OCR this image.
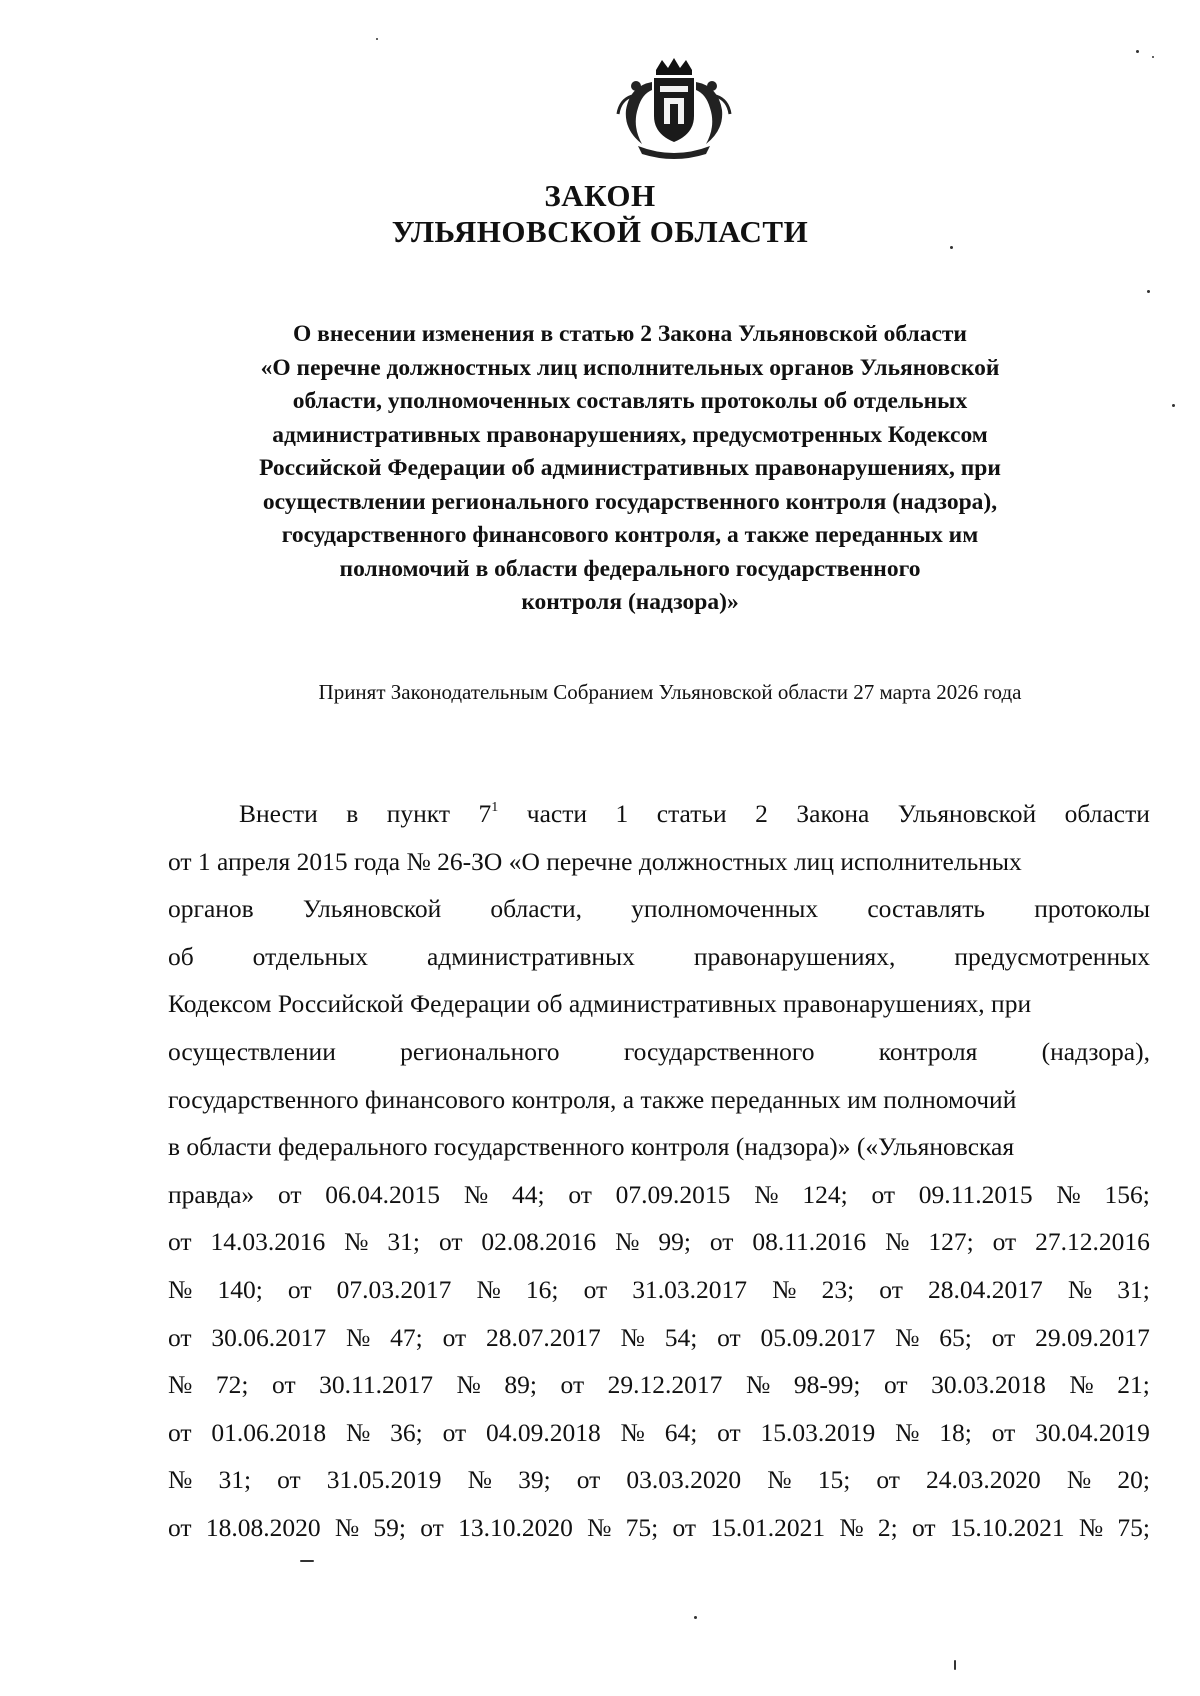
ЗАКОН
УЛЬЯНОВСКОЙ ОБЛАСТИ
О внесении изменения в статью 2 Закона Ульяновской области
«О перечне должностных лиц исполнительных органов Ульяновской
области, уполномоченных составлять протоколы об отдельных
административных правонарушениях, предусмотренных Кодексом
Российской Федерации об административных правонарушениях, при
осуществлении регионального государственного контроля (надзора),
государственного финансового контроля, а также переданных им
полномочий в области федерального государственного
контроля (надзора)»
Принят Законодательным Собранием Ульяновской области 27 марта 2026 года
Внести в пункт $7^1$ части 1 статьи 2 Закона Ульяновской области
от 1 апреля 2015 года № 26-ЗО «О перечне должностных лиц исполнительных
органов Ульяновской области, уполномоченных составлять протоколы
об отдельных административных правонарушениях, предусмотренных
Кодексом Российской Федерации об административных правонарушениях, при
осуществлении	регионального	государственного	контроля	(надзора),
государственного финансового контроля, а также переданных им полномочий
в области федерального государственного контроля (надзора)» («Ульяновская
правда» от 06.04.2015 № 44; от 07.09.2015 № 124; от 09.11.2015 № 156;
от 14.03.2016 № 31; от 02.08.2016 № 99; от 08.11.2016 № 127; от 27.12.2016
№ 140; от 07.03.2017 № 16; от 31.03.2017 № 23; от 28.04.2017 № 31;
от 30.06.2017 № 47; от 28.07.2017 № 54; от 05.09.2017 № 65; от 29.09.2017
№ 72; от 30.11.2017 № 89; от 29.12.2017 № 98-99; от 30.03.2018 № 21;
от 01.06.2018 № 36; от 04.09.2018 № 64; от 15.03.2019 № 18; от 30.04.2019
№ 31; от 31.05.2019 № 39; от 03.03.2020 № 15; от 24.03.2020 № 20;
от 18.08.2020 № 59; от 13.10.2020 № 75; от 15.01.2021 № 2; от 15.10.2021 № 75;
